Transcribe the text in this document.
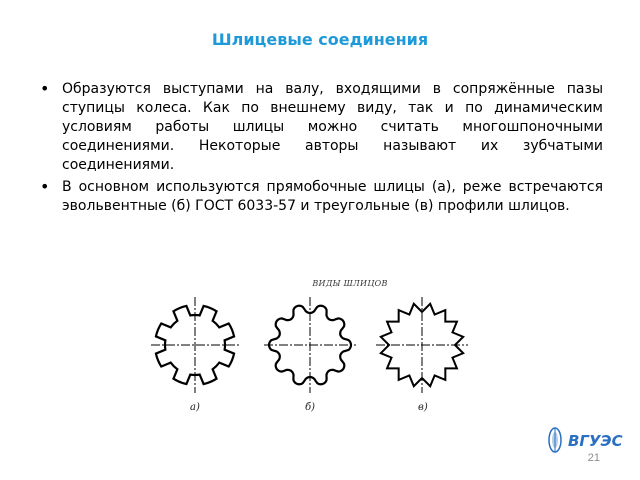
Шлицевые соединения
• Образуются выступами на валу, входящими в сопряжённые пазы ступицы колеса. Как по внешнему виду, так и по динамическим условиям работы шлицы можно считать многошпоночными соединениями. Некоторые авторы называют их зубчатыми соединениями.
• В основном используются прямобочные шлицы (а), реже встречаются эвольвентные (б) ГОСТ 6033-57 и треугольные (в) профили шлицов.
ВИДЫ ШЛИЦОВ
а)	б)	в)
ВГУЭС
21
